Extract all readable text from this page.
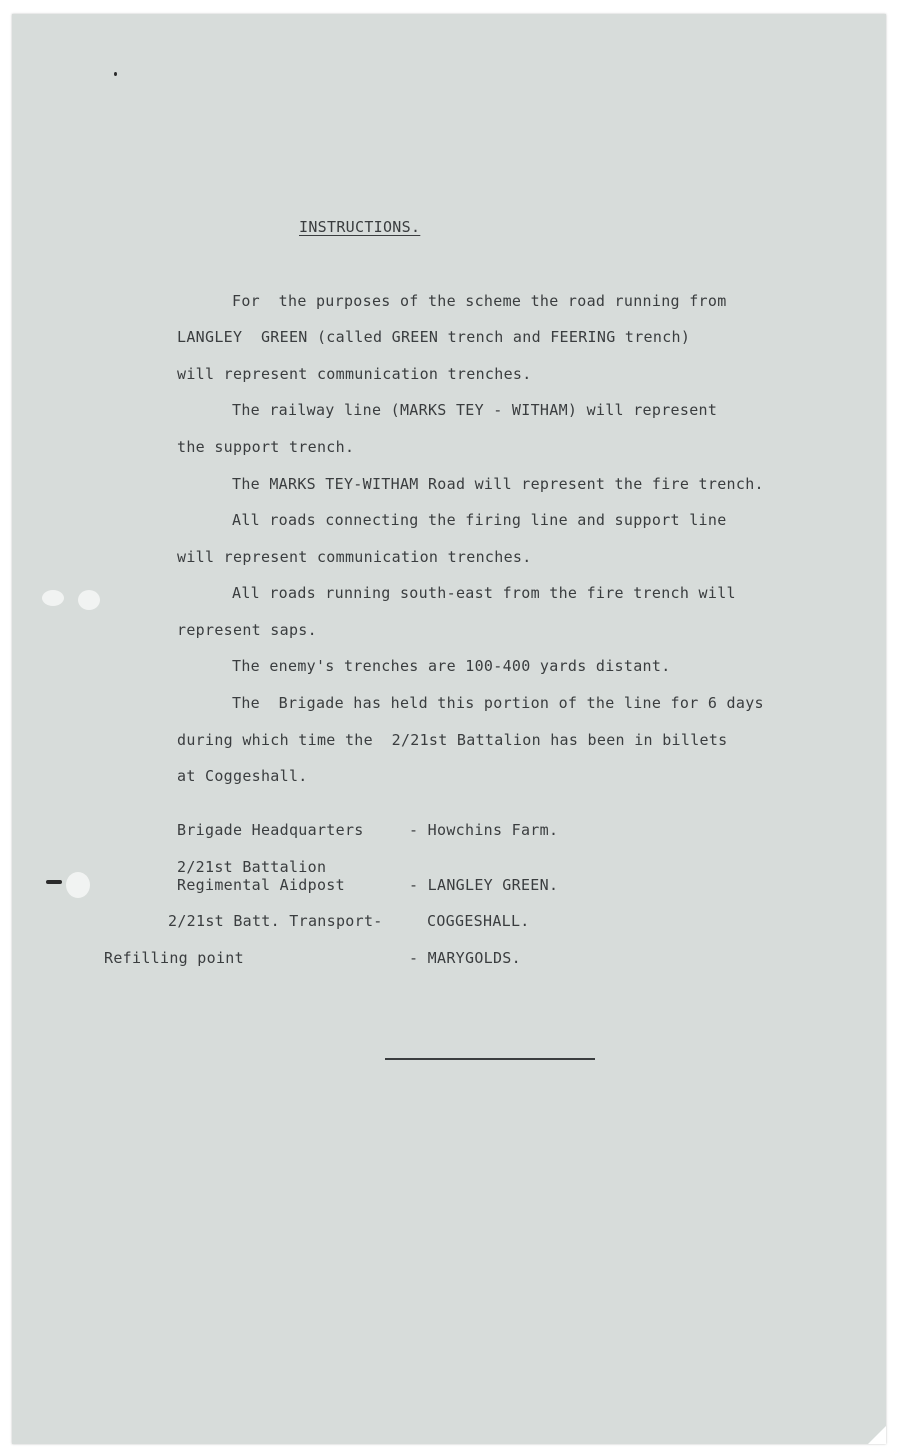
INSTRUCTIONS.
For  the purposes of the scheme the road running from
LANGLEY  GREEN (called GREEN trench and FEERING trench)
will represent communication trenches.
The railway line (MARKS TEY - WITHAM) will represent
the support trench.
The MARKS TEY-WITHAM Road will represent the fire trench.
All roads connecting the firing line and support line
will represent communication trenches.
All roads running south-east from the fire trench will
represent saps.
The enemy's trenches are 100-400 yards distant.
The  Brigade has held this portion of the line for 6 days
during which time the  2/21st Battalion has been in billets
at Coggeshall.
Brigade Headquarters	- Howchins Farm.
2/21st Battalion
Regimental Aidpost	- LANGLEY GREEN.
2/21st Batt. Transport-	COGGESHALL.
Refilling point	- MARYGOLDS.
